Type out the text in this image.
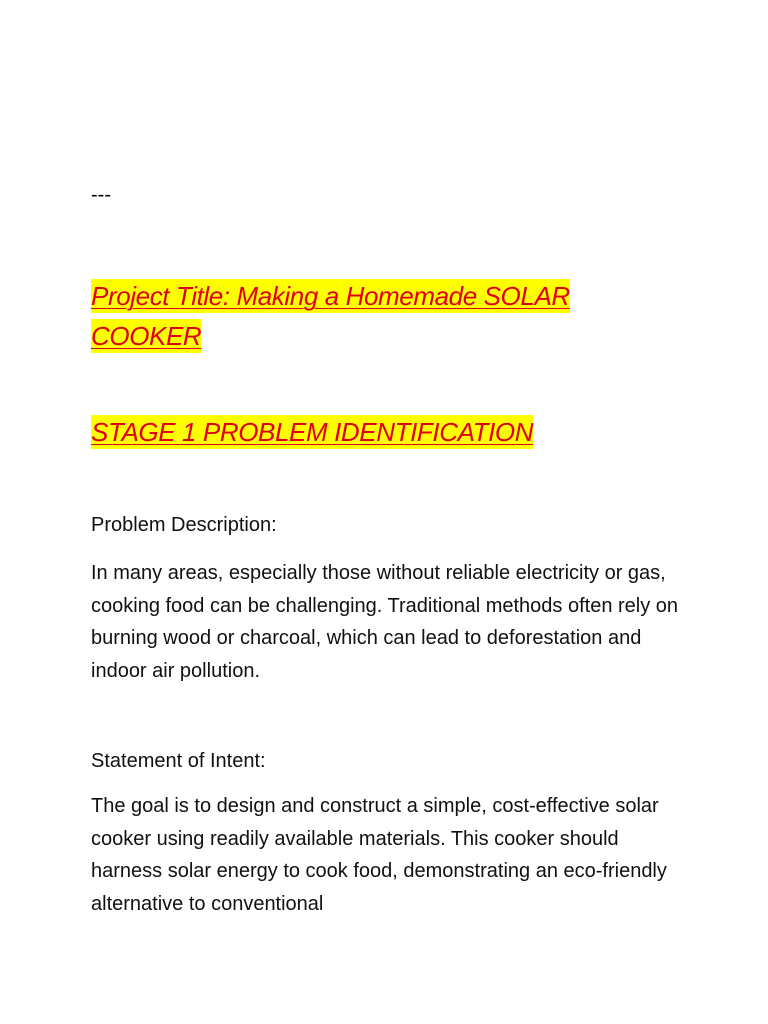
---
Project Title: Making a Homemade SOLAR COOKER
STAGE 1 PROBLEM IDENTIFICATION
Problem Description:
In many areas, especially those without reliable electricity or gas, cooking food can be challenging. Traditional methods often rely on burning wood or charcoal, which can lead to deforestation and indoor air pollution.
Statement of Intent:
The goal is to design and construct a simple, cost-effective solar cooker using readily available materials. This cooker should harness solar energy to cook food, demonstrating an eco-friendly alternative to conventional
